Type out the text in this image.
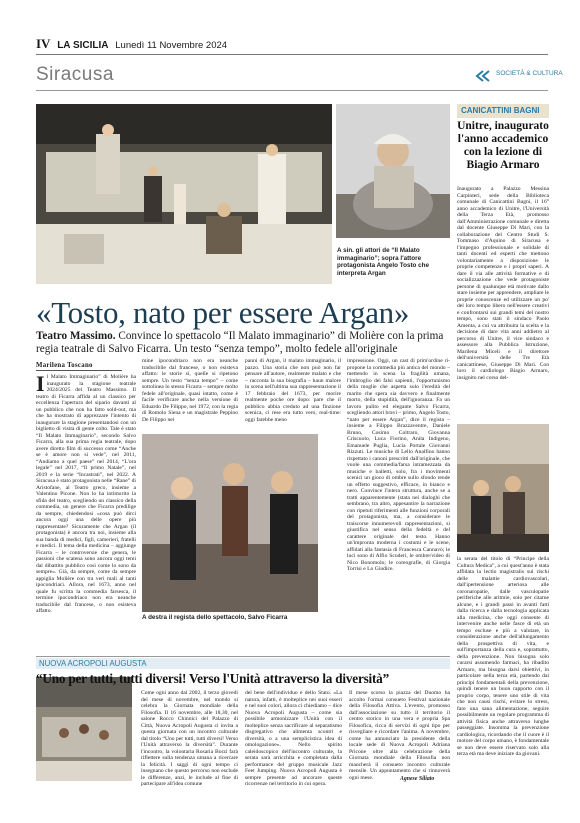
IV LA SICILIA Lunedì 11 Novembre 2024
Siracusa	SOCIETÀ & CULTURA
A sin. gli attori de “Il Malato immaginario”; sopra l'attore protagonista Angelo Tosto che interpreta Argan
«Tosto, nato per essere Argan»
Teatro Massimo. Convince lo spettacolo “Il Malato immaginario” di Molière con la prima regia teatrale di Salvo Ficarra. Un testo “senza tempo”, molto fedele all'originale
Marilena Toscano
Il Malato Immaginario” di Molière ha inaugurato la stagione teatrale 2024/2025 del Teatro Massimo. Il teatro di Ficarra affida al un classico per eccellenza l'apertura del sipario davanti al un pubblico che non ha fatto sold-out, ma che ha mostrato di apprezzare l'intento di inaugurare la stagione presentandosi con un biglietto di visita di gente colto. Tale è stato “Il Malato Immaginario”, secondo Salvo Ficarra, alla sua prima regia teatrale, dopo avere diretto film di successo come “Anche se è amore non si vede”, nel 2011, “Andiamo a quel paese” nel 2014, “L'ora legale” nel 2017, “Il primo Natale”, nel 2019 e la serie “Incastrati”, nel 2022. A Siracusa è stato protagonista nelle “Rane” di Aristofane, al Teatro greco, insieme a Valentino Picone. Non lo ha intimorito la sfida del teatro, scegliendo un classico della commedia, un genere che Ficarra predilige da sempre, chiedendosi «cosa può dirci ancora oggi una delle opere più rappresentate? Sicuramente che Argan (il protagonista) è ancora tra noi, insieme alla sua banda di medici, figli, camerieri, fratelli e medici. Il tema della medicina – aggiunge Ficarra – le controversie che genera, le passioni che scatena sono ancora oggi temi dal dibattito pubblico così come lo sono da sempre». Già, da sempre, come da sempre appiglia Molière con tra veri mali al tanti ipocondriaci. Allora, nel 1673, anno nel quale fu scritta la commedia farsesca, il termine ipocondriaco non era neanche traducibile dal francese, o non esisteva affatto.
mine ipocondriaco non era neanche traducibile dal francese, o non esisteva affatto: le storie si, quelle si ripetono sempre. Un testo “senza tempo” – come sottolinea lo stesso Ficarra – sempre molto fedele all'originale, quasi intatto, come è facile verificare anche nella versione di Eduardo De Filippo, nel 1972, con la regia di Romolo Siena e un magistrale Peppino De Filippo nei
panni di Argan, il malato immaginario, il pazzo. Una storia che non può non far pensare all'autore, realmente malato e che – racconta la sua biografia – haun malore in scena nell'ultima sua rappresentazione il 17 febbraio del 1673, per morire realmente poche ore dopo: pare che il pubblico abbia creduto ad una finzione scenica, ci rese era tutto vero, real-time: oggi farebbe meno
impressione. Oggi, un cast di prim'ordine ri-propone la commedia più antica del mondo – mettendo in scena la fragilità umana, l'imbroglio dei falsi sapienti, l'opportunismo della moglie che aspetta solo l'eredità del marito che spera sia davvero e finalmente morto, della stupidità, dell'ignoranza. Fa un lavoro pulito ed elegante Salvo Ficarra, scegliendo attori bravi – primo, Angelo Tosto, “nato per essere Argan”, dice il regista – insieme a Filippo Brazzaventre, Daniele Bruno, Cosimo Coltraro, Giovanna Criscuolo, Luca Fiorino, Anita Indigeno, Emanuele Puglia, Lucia Portale Giovanni Rizzuti. Le musiche di Lello Analfino hanno rispettato i canoni prescritti dall'originale, che vuole una commedia/farsa intramezzata da musiche e balletti, solo, fra i movimenti scenici un gioco di ombre sullo sfondo rende un effetto suggestivo, efficace, in bianco e nero. Convince l'intera struttura, anche se a tratti apparentemente (stata nei dialoghi che sembrano, tra altro, appesantire la narrazione con ripetuti riferimenti alle funzioni corporali del protagonista, ma, a considerare le traiscorse innumerevoli rappresentazioni, si giustifica nel senso della fedeltà e del carattere originale del testo. Hanno un'impronta moderna i costumi e le scene, affidati alla fantasia di Francesca Cannavò; le luci sono di Alfio Scuderi, le ombre/video di Nico Bonomolo; le coreografie, di Giorgia Torrisi e Lo Giudice.
A destra il regista dello spettacolo, Salvo Ficarra
CANICATTINI BAGNI
Unitre, inaugurato l'anno accademico con la lezione di Biagio Armaro
Inaugurato a Palazzo Messina Carpinteri, sede della Biblioteca comunale di Canicattini Bagni, il 16° anno accademico di Unitre, l'Università della Terza Età, promosso dall'Amministrazione comunale e diretta dal docente Giuseppe Di Mari, con la collaborazione del Centro Studi S. Tommaso d'Aquino di Siracusa e l'impegno professionale e solidale di tanti docenti ed esperti che mettono volontariamente a disposizione le proprie competenze e i propri saperi. A dare il via alle attività formative e di socializzazione che vede protagoniste persone di qualunque età motivate dallo stare insieme per apprendere, ampliare le proprie conoscenze ed utilizzare un po' del loro tempo libero nell'essere creativi e confrontarsi sui grandi temi del nostro tempo, sono stati il sindaco Paolo Amenta, a cui va attribuita la scelta e la decisione di dare vita anni addietro al percorso di Unitre, il vice sindaco e assessore alla Pubblica Istruzione, Marilena Miceli e il direttore dell'università delle Tre Età canicattinese, Giuseppe Di Mari. Con loro il cardiologo Biagio Armaro, insignito nel corso del-
la serata del titolo di “Principe della Cultura Medica”, a cui quest'anno è stata affidata la lectio magistralis sui rischi delle malattie cardiovascolari, dall'ipertensione arteriosa alle coronaropatie, dalle vasculopatie periferiche alle aritmie, solo per citarne alcune, e i grandi passi in avanti fatti dalla ricerca e dalla tecnologia applicata alla medicina, che oggi consente di intervenire anche nelle fasce di età un tempo escluse e più a valutare, in considerazione anche dell'allungamento della prospettiva di vita, e sull'importanza della cura e, soprattutto, della prevenzione. Non bisogna solo curarsi assumendo farmaci, ha ribadito Armaro, ma bisogna darsi obiettivi, in particolare nella terza età, partendo dai principi fondamentali della prevenzione, quindi tenere un buon rapporto con il proprio corpo, tenere uno stile di vita che non causi rischi, evitare lo stress, fare una sana alimentazione, seguire possibilmente un regolare programma di attività fisica anche attraverso lunghe passeggiate. Insomma la prevenzione cardiologica, ricordando che il cuore è il motore del corpo umano, è fondamentale se non deve essere riservato solo alla terza età ma deve iniziare da giovani.
NUOVA ACROPOLI AUGUSTA
“Uno per tutti, tutti diversi! Verso l'Unità attraverso la diversità”
Come ogni anno dal 2002, il terzo giovedì del mese di novembre, nel mondo si celebra la Giornata mondiale della Filosofia. Il 16 novembre, alle 18,30, nel salone Rocco Chinnici del Palazzo di Città, Nuova Acropoli Augusta ci invita a questa giornata con un incontro culturale dal titolo “Uno per tutti, tutti diversi! Verso l'Unità attraverso la diversità”. Durante l'incontro, la volontaria Rosaria Borzì farà riflettere sulla tendenza umana a ricercare la felicità. I saggi di ogni tempo ci insegnano che questo percorso non esclude le differenze, anzi, le include al fine di partecipare all'idea comune
del bene dell'individuo e dello Stato. «La natura, infatti, è molteplice nei suoi esseri e nel suoi colori, allora ci chiediamo – dice Nuova Acropoli Augusta – come sia possibile armonizzare l'Unità con il molteplice senza sacrificare al separatismo disgregativo che alimenta scontri e diversità, o a una semplicistica idea di omologazione». Nello spirito caleidoscopico dell'incontro culturale, la serata sarà arricchita e completata dalla performance del gruppo musicale Jazz Feet Jumping. Nuova Acropoli Augusta è sempre presente ad ancorare queste ricorrenze nel territorio in cui opera.
Il mese scorso la piazza del Duomo ha accolto l'ormai consueto Festival nazionale della Filosofia Attiva. L'evento, promosso dall'associazione su tutto il territorio il centro storico in una vera e propria Spa Filosofica, ricca di servizi di ogni tipo per risvegliare e ricordare l'anima. A novembre, come ha annunciato la presidente della locale sede di Nuova Acropoli Adriana Pricone oltre alla celebrazione della Giornata mondiale della Filosofia non mancherà il consueto incontro culturale mensile. Un appuntamento che si rinnoverà ogni mese.	Agnese Siliato
